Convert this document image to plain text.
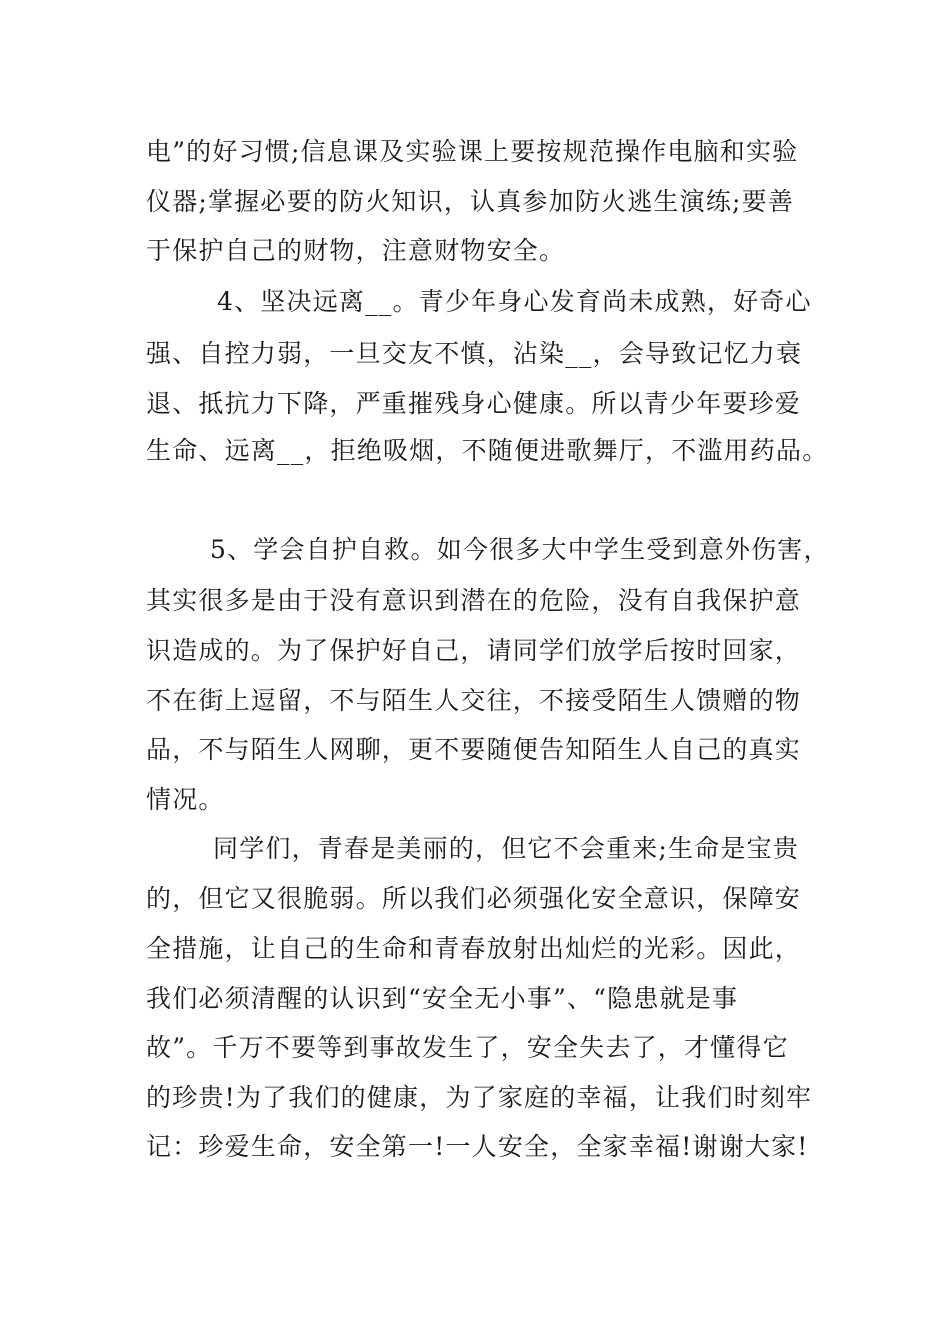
电”的好习惯;信息课及实验课上要按规范操作电脑和实验

仪器;掌握必要的防火知识，认真参加防火逃生演练;要善

于保护自己的财物，注意财物安全。

4、坚决远离__。青少年身心发育尚未成熟，好奇心

强、自控力弱，一旦交友不慎，沾染__，会导致记忆力衰

退、抵抗力下降，严重摧残身心健康。所以青少年要珍爱

生命、远离__，拒绝吸烟，不随便进歌舞厅，不滥用药品。

5、学会自护自救。如今很多大中学生受到意外伤害，

其实很多是由于没有意识到潜在的危险，没有自我保护意

识造成的。为了保护好自己，请同学们放学后按时回家，

不在街上逗留，不与陌生人交往，不接受陌生人馈赠的物

品，不与陌生人网聊，更不要随便告知陌生人自己的真实

情况。

同学们，青春是美丽的，但它不会重来;生命是宝贵

的，但它又很脆弱。所以我们必须强化安全意识，保障安

全措施，让自己的生命和青春放射出灿烂的光彩。因此，

我们必须清醒的认识到“安全无小事”、“隐患就是事

故”。千万不要等到事故发生了，安全失去了，才懂得它

的珍贵!为了我们的健康，为了家庭的幸福，让我们时刻牢

记：珍爱生命，安全第一!一人安全，全家幸福!谢谢大家!
